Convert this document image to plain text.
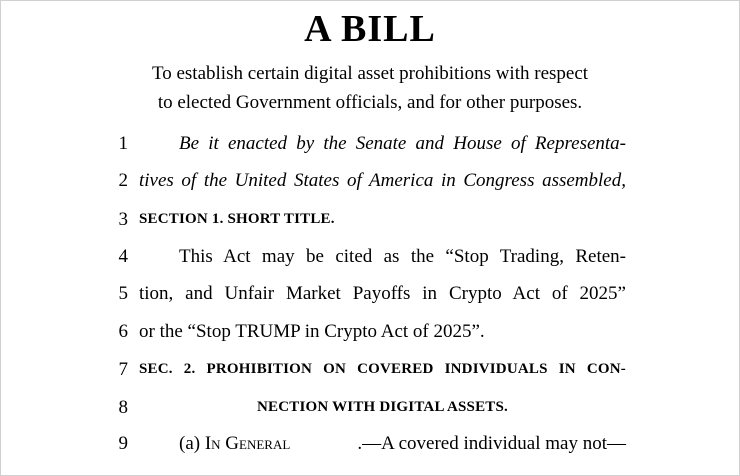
A BILL
To establish certain digital asset prohibitions with respect
to elected Government officials, and for other purposes.
1	Be it enacted by the Senate and House of Representa-
2 tives of the United States of America in Congress assembled,
3 SECTION 1. SHORT TITLE.
4	This Act may be cited as the “Stop Trading, Reten-
5 tion, and Unfair Market Payoffs in Crypto Act of 2025”
6 or the “Stop TRUMP in Crypto Act of 2025”.
7 SEC. 2. PROHIBITION ON COVERED INDIVIDUALS IN CON-
8	NECTION WITH DIGITAL ASSETS.
9	(a) In General	.—A covered individual may not—
